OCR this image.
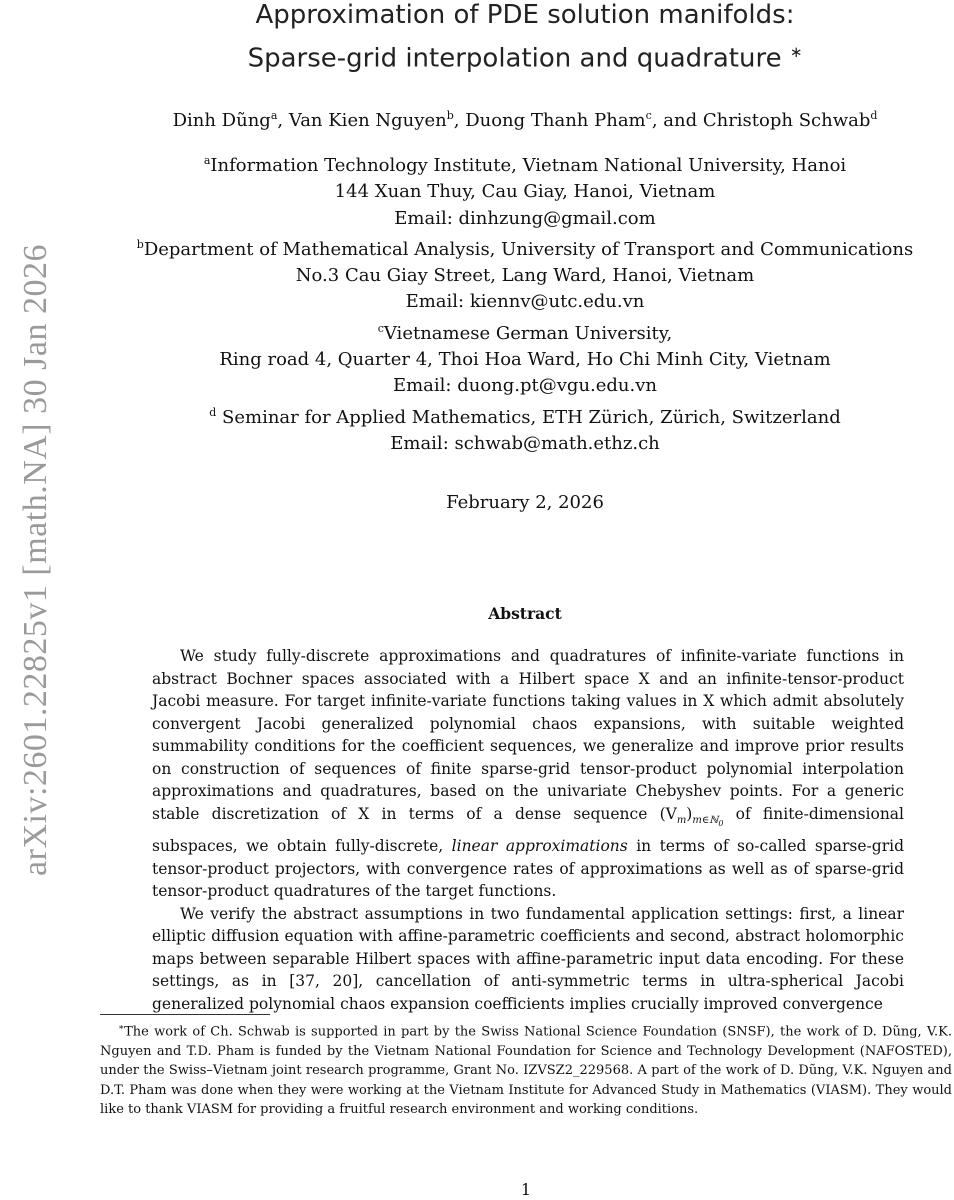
arXiv:2601.22825v1 [math.NA] 30 Jan 2026
Approximation of PDE solution manifolds:
Sparse-grid interpolation and quadrature ∗
Dinh Dũng$^a$, Van Kien Nguyen$^b$, Duong Thanh Pham$^c$, and Christoph Schwab$^d$
$^a$Information Technology Institute, Vietnam National University, Hanoi
144 Xuan Thuy, Cau Giay, Hanoi, Vietnam
Email: dinhzung@gmail.com
$^b$Department of Mathematical Analysis, University of Transport and Communications
No.3 Cau Giay Street, Lang Ward, Hanoi, Vietnam
Email: kiennv@utc.edu.vn
$^c$Vietnamese German University,
Ring road 4, Quarter 4, Thoi Hoa Ward, Ho Chi Minh City, Vietnam
Email: duong.pt@vgu.edu.vn
$^d$ Seminar for Applied Mathematics, ETH Zürich, Zürich, Switzerland
Email: schwab@math.ethz.ch
February 2, 2026
Abstract

We study fully-discrete approximations and quadratures of infinite-variate functions in abstract Bochner spaces associated with a Hilbert space X and an infinite-tensor-product Jacobi measure. For target infinite-variate functions taking values in X which admit absolutely convergent Jacobi generalized polynomial chaos expansions, with suitable weighted summability conditions for the coefficient sequences, we generalize and improve prior results on construction of sequences of finite sparse-grid tensor-product polynomial interpolation approximations and quadratures, based on the univariate Chebyshev points. For a generic stable discretization of X in terms of a dense sequence $(V_m)_{m\in ℕ_0}$ of finite-dimensional subspaces, we obtain fully-discrete, linear approximations in terms of so-called sparse-grid tensor-product projectors, with convergence rates of approximations as well as of sparse-grid tensor-product quadratures of the target functions.

We verify the abstract assumptions in two fundamental application settings: first, a linear elliptic diffusion equation with affine-parametric coefficients and second, abstract holomorphic maps between separable Hilbert spaces with affine-parametric input data encoding. For these settings, as in [37, 20], cancellation of anti-symmetric terms in ultra-spherical Jacobi generalized polynomial chaos expansion coefficients implies crucially improved convergence

∗The work of Ch. Schwab is supported in part by the Swiss National Science Foundation (SNSF), the work of D. Dũng, V.K. Nguyen and T.D. Pham is funded by the Vietnam National Foundation for Science and Technology Development (NAFOSTED), under the Swiss–Vietnam joint research programme, Grant No. IZVSZ2_229568. A part of the work of D. Dũng, V.K. Nguyen and D.T. Pham was done when they were working at the Vietnam Institute for Advanced Study in Mathematics (VIASM). They would like to thank VIASM for providing a fruitful research environment and working conditions.

1
